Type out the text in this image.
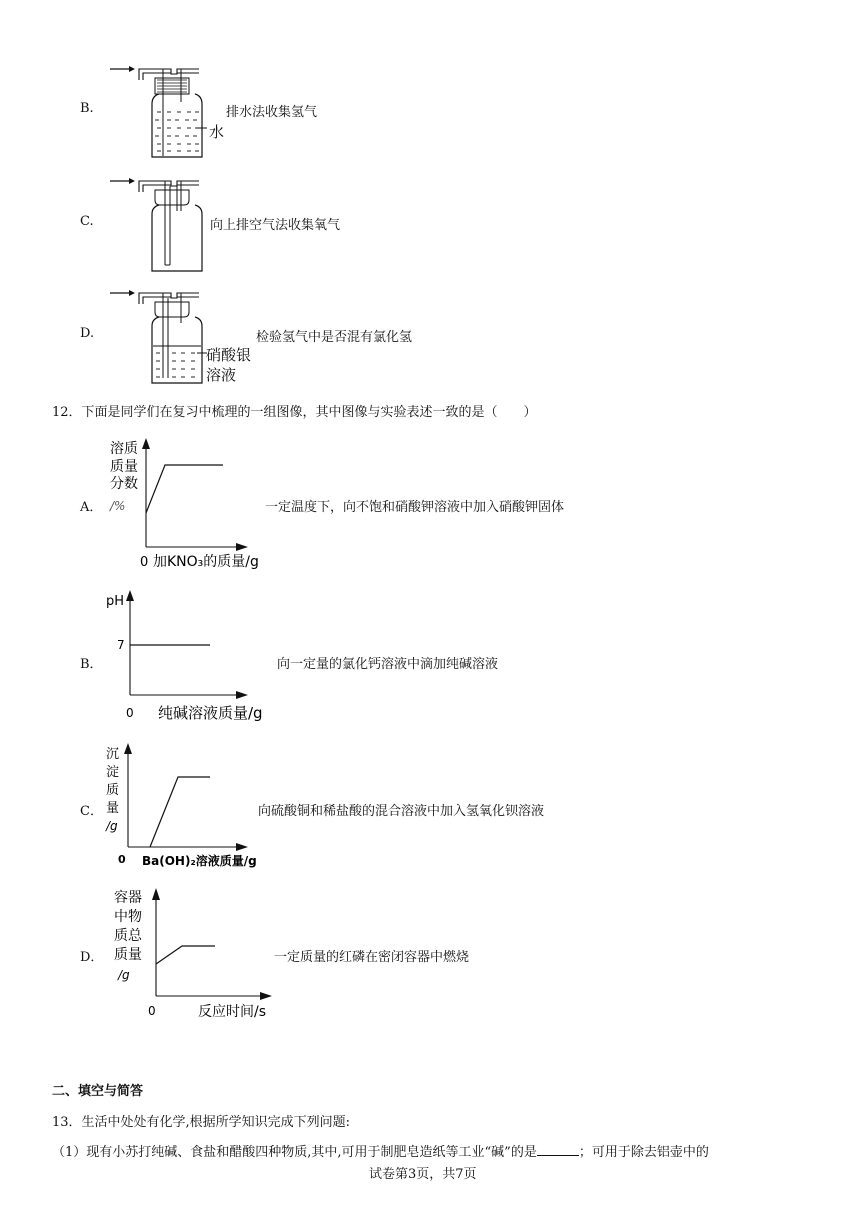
B.
水
排水法收集氢气
C.	向上排空气法收集氧气
D.
硝酸银
溶液
检验氢气中是否混有氯化氢
12．下面是同学们在复习中梳理的一组图像，其中图像与实验表述一致的是（　　）
A．
溶质
质量
分数
/%
0 加KNO₃的质量/g
一定温度下，向不饱和硝酸钾溶液中加入硝酸钾固体
B．
pH
7
0 纯碱溶液质量/g
向一定量的氯化钙溶液中滴加纯碱溶液
C．
沉
淀
质
量
/g
0 Ba(OH)₂溶液质量/g
向硫酸铜和稀盐酸的混合溶液中加入氢氧化钡溶液
D．
容器
中物
质总
质量
/g
0	反应时间/s
一定质量的红磷在密闭容器中燃烧
二、填空与简答
13．生活中处处有化学,根据所学知识完成下列问题:
（1）现有小苏打纯碱、食盐和醋酸四种物质,其中,可用于制肥皂造纸等工业“碱”的是	；可用于除去铝壶中的
试卷第3页，共7页
